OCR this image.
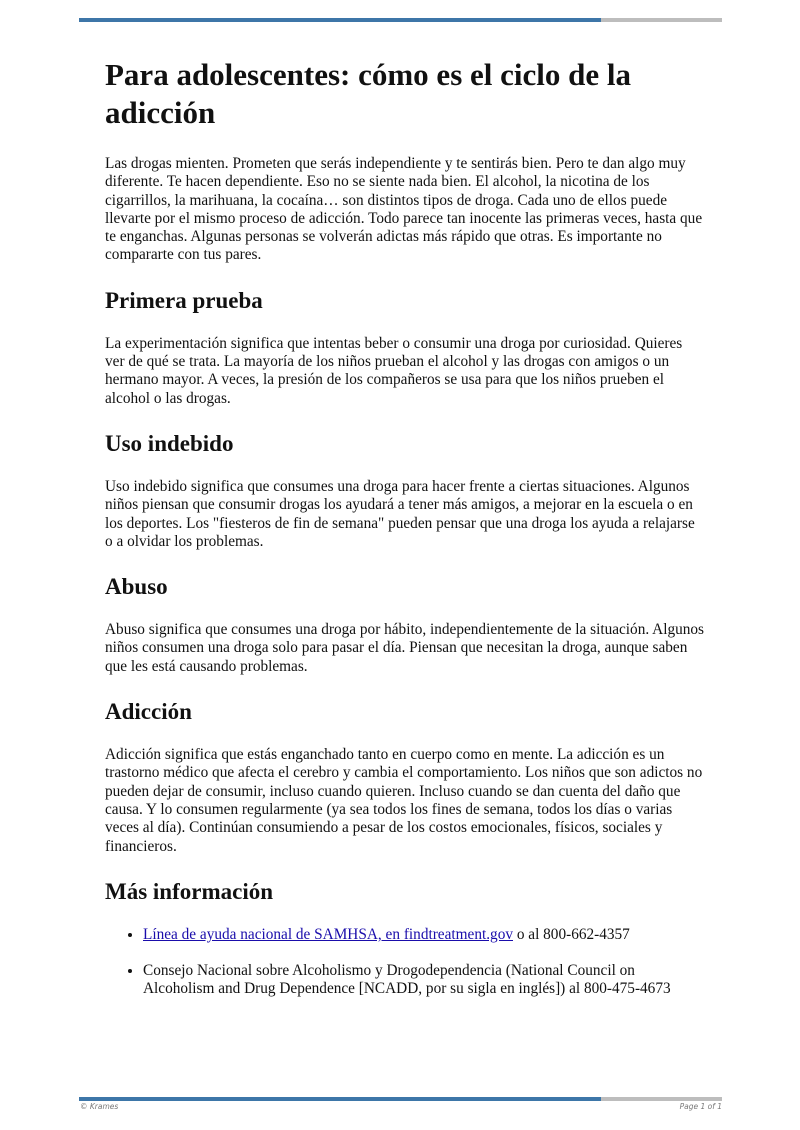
Para adolescentes: cómo es el ciclo de la adicción

Las drogas mienten. Prometen que serás independiente y te sentirás bien. Pero te dan algo muy diferente. Te hacen dependiente. Eso no se siente nada bien. El alcohol, la nicotina de los cigarrillos, la marihuana, la cocaína… son distintos tipos de droga. Cada uno de ellos puede llevarte por el mismo proceso de adicción. Todo parece tan inocente las primeras veces, hasta que te enganchas. Algunas personas se volverán adictas más rápido que otras. Es importante no compararte con tus pares.

Primera prueba

La experimentación significa que intentas beber o consumir una droga por curiosidad. Quieres ver de qué se trata. La mayoría de los niños prueban el alcohol y las drogas con amigos o un hermano mayor. A veces, la presión de los compañeros se usa para que los niños prueben el alcohol o las drogas.

Uso indebido

Uso indebido significa que consumes una droga para hacer frente a ciertas situaciones. Algunos niños piensan que consumir drogas los ayudará a tener más amigos, a mejorar en la escuela o en los deportes. Los "fiesteros de fin de semana" pueden pensar que una droga los ayuda a relajarse o a olvidar los problemas.

Abuso

Abuso significa que consumes una droga por hábito, independientemente de la situación. Algunos niños consumen una droga solo para pasar el día. Piensan que necesitan la droga, aunque saben que les está causando problemas.

Adicción

Adicción significa que estás enganchado tanto en cuerpo como en mente. La adicción es un trastorno médico que afecta el cerebro y cambia el comportamiento. Los niños que son adictos no pueden dejar de consumir, incluso cuando quieren. Incluso cuando se dan cuenta del daño que causa. Y lo consumen regularmente (ya sea todos los fines de semana, todos los días o varias veces al día). Continúan consumiendo a pesar de los costos emocionales, físicos, sociales y financieros.

Más información
• Línea de ayuda nacional de SAMHSA, en findtreatment.gov o al 800-662-4357
• Consejo Nacional sobre Alcoholismo y Drogodependencia (National Council on Alcoholism and Drug Dependence [NCADD, por su sigla en inglés]) al 800-475-4673
© Krames	Page 1 of 1
